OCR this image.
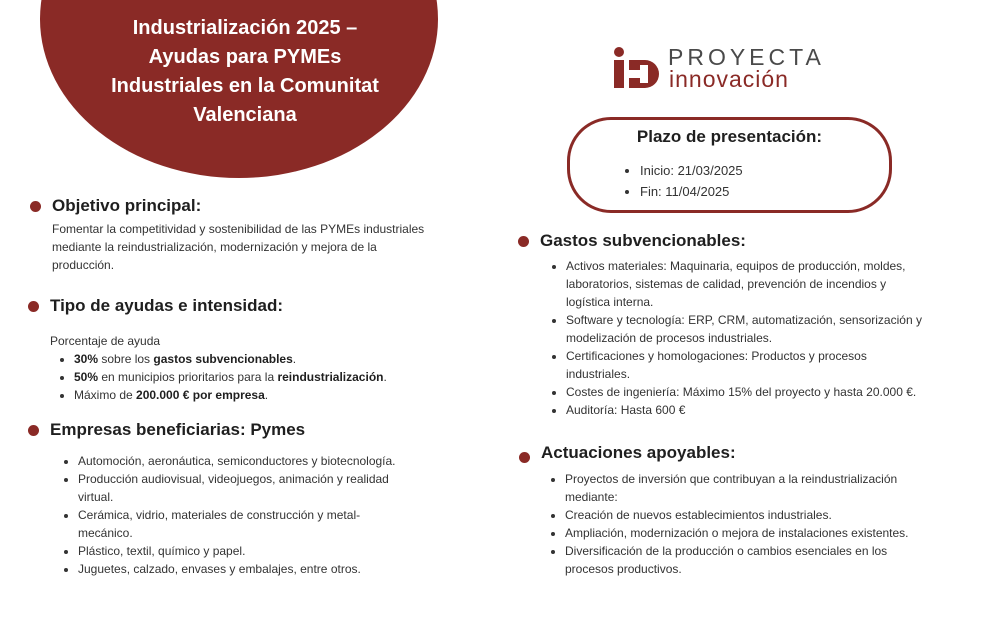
Industrialización 2025 –
Ayudas para PYMEs
Industriales en la Comunitat
Valenciana
PROYECTA
innovación
Plazo de presentación:
• Inicio: 21/03/2025
• Fin: 11/04/2025
Objetivo principal:

Fomentar la competitividad y sostenibilidad de las PYMEs industriales mediante la reindustrialización, modernización y mejora de la producción.

Tipo de ayudas e intensidad:

Porcentaje de ayuda

• 30% sobre los gastos subvencionables.
• 50% en municipios prioritarios para la reindustrialización.
• Máximo de 200.000 € por empresa.
Empresas beneficiarias: Pymes
• Automoción, aeronáutica, semiconductores y biotecnología.
• Producción audiovisual, videojuegos, animación y realidad virtual.
• Cerámica, vidrio, materiales de construcción y metal-mecánico.
• Plástico, textil, químico y papel.
• Juguetes, calzado, envases y embalajes, entre otros.
Gastos subvencionables:
• Activos materiales: Maquinaria, equipos de producción, moldes, laboratorios, sistemas de calidad, prevención de incendios y logística interna.
• Software y tecnología: ERP, CRM, automatización, sensorización y modelización de procesos industriales.
• Certificaciones y homologaciones: Productos y procesos industriales.
• Costes de ingeniería: Máximo 15% del proyecto y hasta 20.000 €.
• Auditoría: Hasta 600 €
Actuaciones apoyables:
• Proyectos de inversión que contribuyan a la reindustrialización mediante:
• Creación de nuevos establecimientos industriales.
• Ampliación, modernización o mejora de instalaciones existentes.
• Diversificación de la producción o cambios esenciales en los procesos productivos.
